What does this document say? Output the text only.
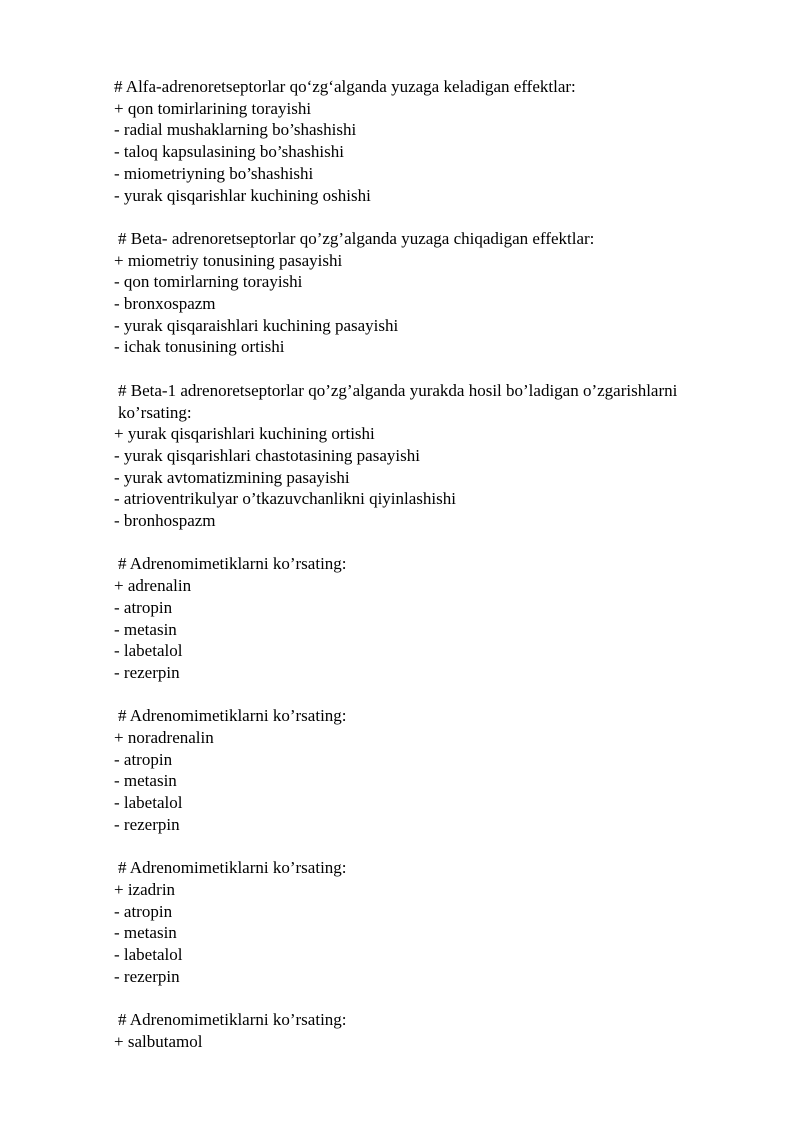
# Alfa-adrenoretseptorlar qo‘zg‘alganda yuzaga keladigan effektlar:
+ qon tomirlarining torayishi
- radial mushaklarning bo’shashishi
- taloq kapsulasining bo’shashishi
- miometriyning bo’shashishi
- yurak qisqarishlar kuchining oshishi
# Beta- adrenoretseptorlar qo’zg’alganda yuzaga chiqadigan effektlar:
+ miometriy tonusining pasayishi
- qon tomirlarning torayishi
- bronxospazm
- yurak qisqaraishlari kuchining pasayishi
- ichak tonusining ortishi
# Beta-1 adrenoretseptorlar qo’zg’alganda yurakda hosil bo’ladigan o’zgarishlarni ko’rsating:
+ yurak qisqarishlari kuchining ortishi
- yurak qisqarishlari chastotasining pasayishi
- yurak avtomatizmining pasayishi
- atrioventrikulyar o’tkazuvchanlikni qiyinlashishi
- bronhospazm
# Adrenomimetiklarni ko’rsating:
+ adrenalin
- atropin
- metasin
- labetalol
- rezerpin
# Adrenomimetiklarni ko’rsating:
+ noradrenalin
- atropin
- metasin
- labetalol
- rezerpin
# Adrenomimetiklarni ko’rsating:
+ izadrin
- atropin
- metasin
- labetalol
- rezerpin
# Adrenomimetiklarni ko’rsating:
+ salbutamol
